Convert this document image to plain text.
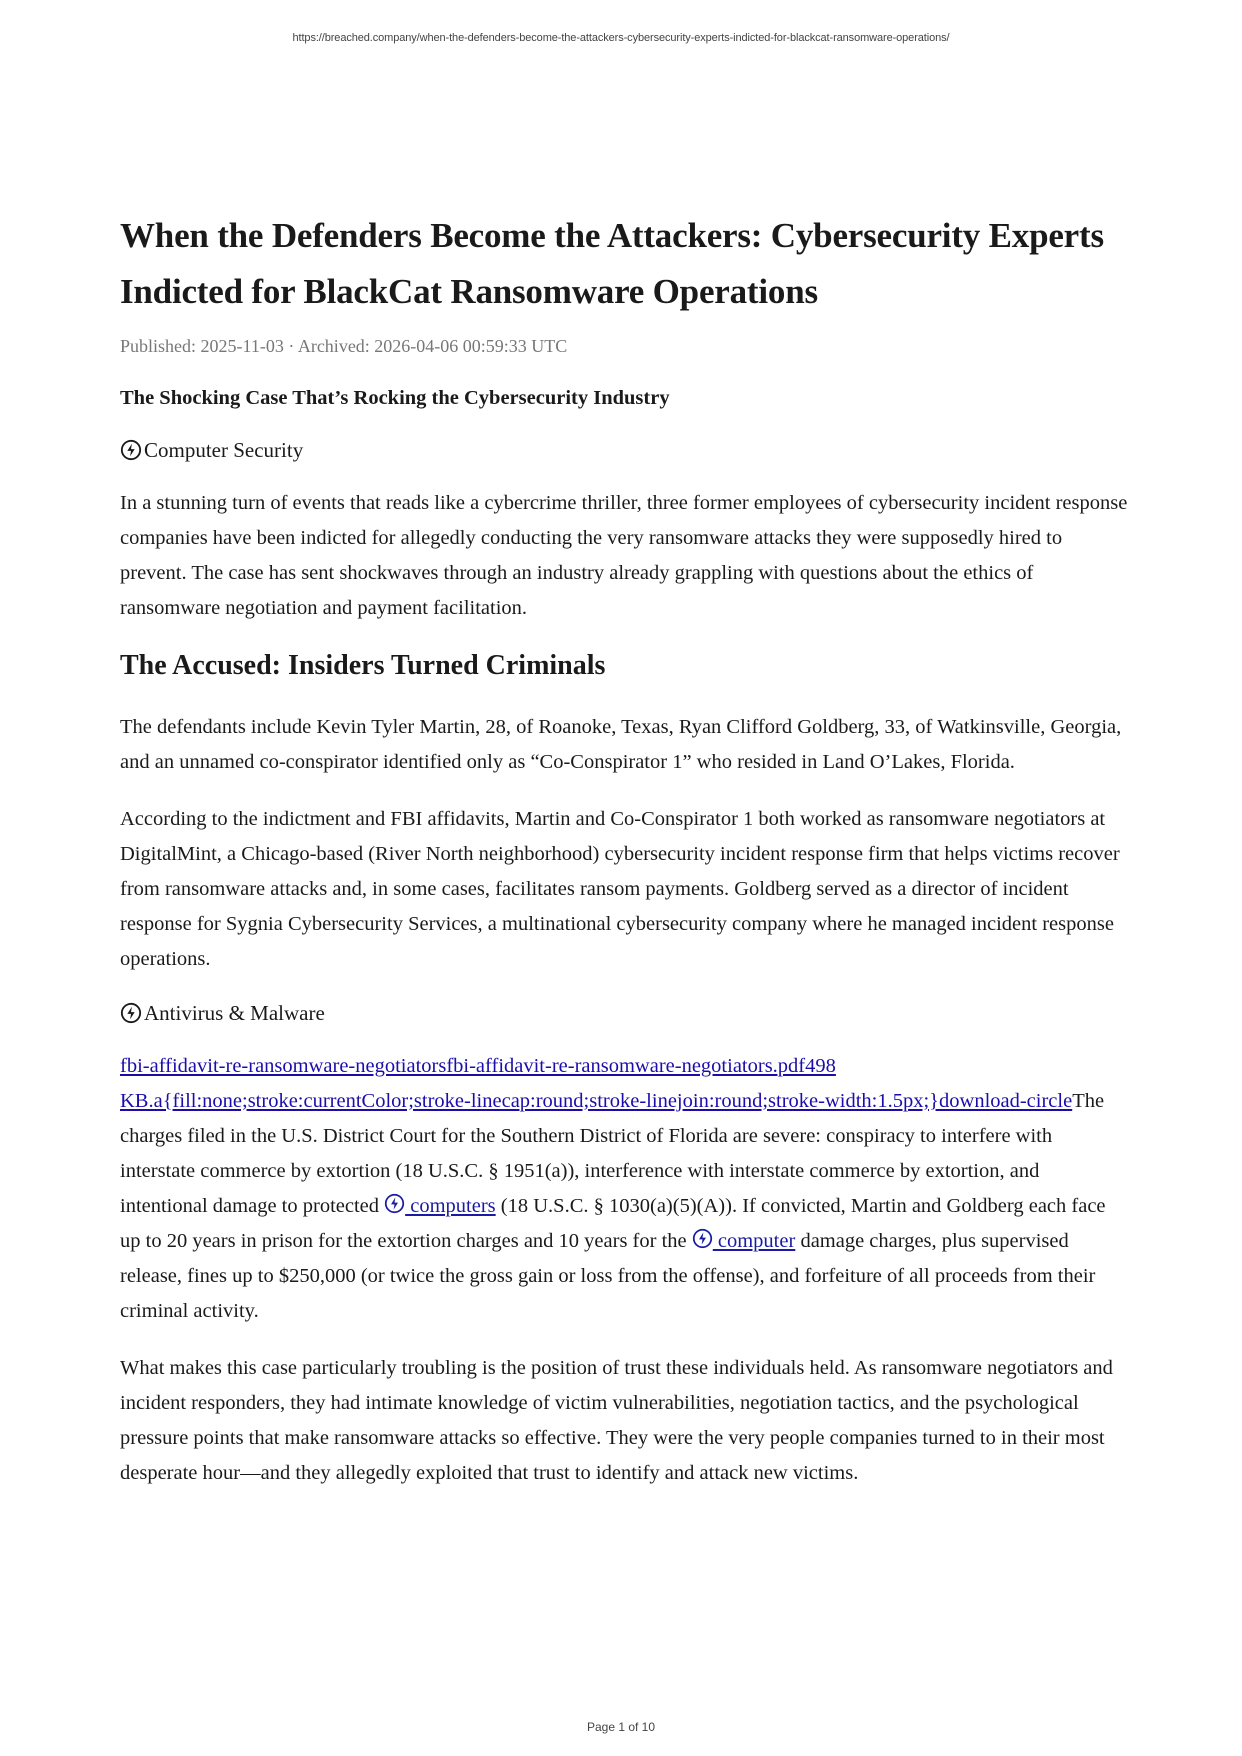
https://breached.company/when-the-defenders-become-the-attackers-cybersecurity-experts-indicted-for-blackcat-ransomware-operations/
When the Defenders Become the Attackers: Cybersecurity Experts Indicted for BlackCat Ransomware Operations
Published: 2025-11-03 · Archived: 2026-04-06 00:59:33 UTC
The Shocking Case That’s Rocking the Cybersecurity Industry
Computer Security

In a stunning turn of events that reads like a cybercrime thriller, three former employees of cybersecurity incident response companies have been indicted for allegedly conducting the very ransomware attacks they were supposedly hired to prevent. The case has sent shockwaves through an industry already grappling with questions about the ethics of ransomware negotiation and payment facilitation.

The Accused: Insiders Turned Criminals

The defendants include Kevin Tyler Martin, 28, of Roanoke, Texas, Ryan Clifford Goldberg, 33, of Watkinsville, Georgia, and an unnamed co-conspirator identified only as “Co-Conspirator 1” who resided in Land O’Lakes, Florida.

According to the indictment and FBI affidavits, Martin and Co-Conspirator 1 both worked as ransomware negotiators at DigitalMint, a Chicago-based (River North neighborhood) cybersecurity incident response firm that helps victims recover from ransomware attacks and, in some cases, facilitates ransom payments. Goldberg served as a director of incident response for Sygnia Cybersecurity Services, a multinational cybersecurity company where he managed incident response operations.

Antivirus & Malware

fbi-affidavit-re-ransomware-negotiatorsfbi-affidavit-re-ransomware-negotiators.pdf498 KB.a{fill:none;stroke:currentColor;stroke-linecap:round;stroke-linejoin:round;stroke-width:1.5px;}download-circleThe charges filed in the U.S. District Court for the Southern District of Florida are severe: conspiracy to interfere with interstate commerce by extortion (18 U.S.C. § 1951(a)), interference with interstate commerce by extortion, and intentional damage to protected  computers (18 U.S.C. § 1030(a)(5)(A)). If convicted, Martin and Goldberg each face up to 20 years in prison for the extortion charges and 10 years for the  computer damage charges, plus supervised release, fines up to $250,000 (or twice the gross gain or loss from the offense), and forfeiture of all proceeds from their criminal activity.

What makes this case particularly troubling is the position of trust these individuals held. As ransomware negotiators and incident responders, they had intimate knowledge of victim vulnerabilities, negotiation tactics, and the psychological pressure points that make ransomware attacks so effective. They were the very people companies turned to in their most desperate hour—and they allegedly exploited that trust to identify and attack new victims.

Page 1 of 10
